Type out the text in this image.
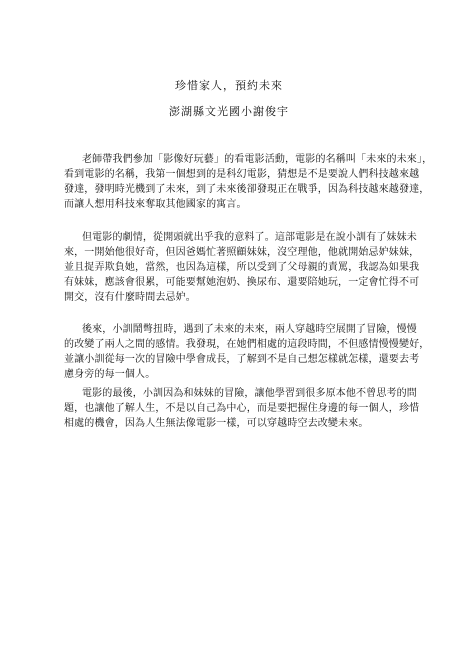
珍惜家人，預約未來
澎湖縣文光國小謝俊宇
老師帶我們參加「影像好玩藝」的看電影活動，電影的名稱叫「未來的未來」，
看到電影的名稱，我第一個想到的是科幻電影，猜想是不是要說人們科技越來越
發達，發明時光機到了未來，到了未來後卻發現正在戰爭，因為科技越來越發達，
而讓人想用科技來奪取其他國家的寓言。
但電影的劇情，從開頭就出乎我的意料了。這部電影是在說小訓有了妹妹未
來，一開始他很好奇，但因爸媽忙著照顧妹妹，沒空理他，他就開始忌妒妹妹，
並且捉弄欺負她，當然，也因為這樣，所以受到了父母親的責罵，我認為如果我
有妹妹，應該會很累，可能要幫她泡奶、換尿布、還要陪她玩，一定會忙得不可
開交，沒有什麼時間去忌妒。
後來，小訓鬧彆扭時，遇到了未來的未來，兩人穿越時空展開了冒險，慢慢
的改變了兩人之間的感情。我發現，在她們相處的這段時間，不但感情慢慢變好，
並讓小訓從每一次的冒險中學會成長，了解到不是自己想怎樣就怎樣，還要去考
慮身旁的每一個人。
電影的最後，小訓因為和妹妹的冒險，讓他學習到很多原本他不曾思考的問
題，也讓他了解人生，不是以自己為中心，而是要把握住身邊的每一個人，珍惜
相處的機會，因為人生無法像電影一樣，可以穿越時空去改變未來。
